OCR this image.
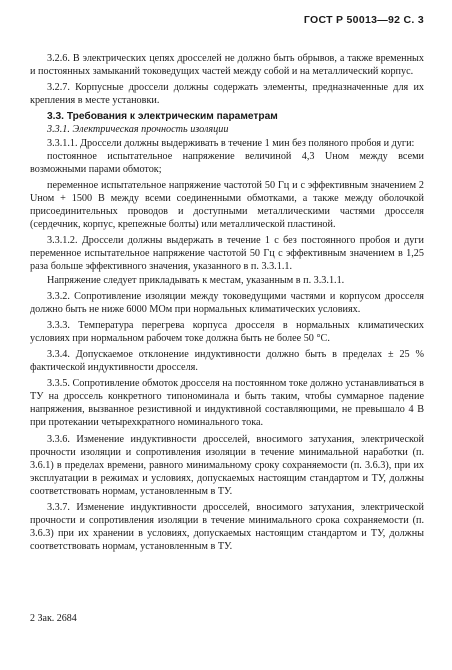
ГОСТ Р 50013—92 С. 3

3.2.6. В электрических цепях дросселей не должно быть обрывов, а также временных и постоянных замыканий токоведущих частей между собой и на металлический корпус.

3.2.7. Корпусные дроссели должны содержать элементы, предназначенные для их крепления в месте установки.

3.3. Требования к электрическим параметрам

3.3.1. Электрическая прочность изоляции

3.3.1.1. Дроссели должны выдерживать в течение 1 мин без поляного пробоя и дуги:

постоянное испытательное напряжение величиной 4,3 Uном между всеми возможными парами обмоток;

переменное испытательное напряжение частотой 50 Гц и с эффективным значением 2 Uном + 1500 В между всеми соединенными обмотками, а также между оболочкой присоединительных проводов и доступными металлическими частями дросселя (сердечник, корпус, крепежные болты) или металлической пластиной.

3.3.1.2. Дроссели должны выдержать в течение 1 с без постоянного пробоя и дуги переменное испытательное напряжение частотой 50 Гц с эффективным значением в 1,25 раза больше эффективного значения, указанного в п. 3.3.1.1.

Напряжение следует прикладывать к местам, указанным в п. 3.3.1.1.

3.3.2. Сопротивление изоляции между токоведущими частями и корпусом дросселя должно быть не ниже 6000 МОм при нормальных климатических условиях.

3.3.3. Температура перегрева корпуса дросселя в нормальных климатических условиях при нормальном рабочем токе должна быть не более 50 °С.

3.3.4. Допускаемое отклонение индуктивности должно быть в пределах ± 25 % фактической индуктивности дросселя.

3.3.5. Сопротивление обмоток дросселя на постоянном токе должно устанавливаться в ТУ на дроссель конкретного типономинала и быть таким, чтобы суммарное падение напряжения, вызванное резистивной и индуктивной составляющими, не превышало 4 В при протекании четырехкратного номинального тока.

3.3.6. Изменение индуктивности дросселей, вносимого затухания, электрической прочности изоляции и сопротивления изоляции в течение минимальной наработки (п. 3.6.1) в пределах времени, равного минимальному сроку сохраняемости (п. 3.6.3), при их эксплуатации в режимах и условиях, допускаемых настоящим стандартом и ТУ, должны соответствовать нормам, установленным в ТУ.

3.3.7. Изменение индуктивности дросселей, вносимого затухания, электрической прочности и сопротивления изоляции в течение минимального срока сохраняемости (п. 3.6.3) при их хранении в условиях, допускаемых настоящим стандартом и ТУ, должны соответствовать нормам, установленным в ТУ.

2 Зак. 2684
